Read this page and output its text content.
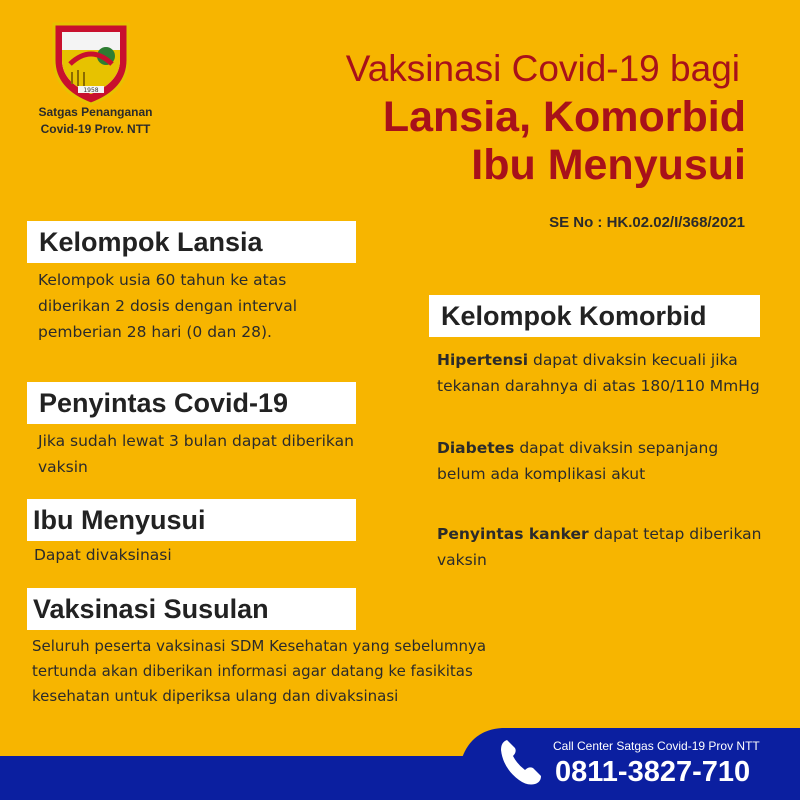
1958
Satgas Penanganan
Covid-19 Prov. NTT
Vaksinasi Covid-19 bagi
Lansia, Komorbid
Ibu Menyusui
SE No : HK.02.02/I/368/2021
Kelompok Lansia
Kelompok usia 60 tahun ke atas diberikan 2 dosis dengan interval pemberian 28 hari (0 dan 28).
Penyintas Covid-19
Jika sudah lewat 3 bulan dapat diberikan vaksin
Ibu Menyusui
Dapat divaksinasi
Vaksinasi Susulan
Seluruh peserta vaksinasi SDM Kesehatan yang sebelumnya tertunda akan diberikan informasi agar datang ke fasikitas kesehatan untuk diperiksa ulang dan divaksinasi
Kelompok Komorbid
Hipertensi dapat divaksin kecuali jika tekanan darahnya di atas 180/110 MmHg
Diabetes dapat divaksin sepanjang belum ada komplikasi akut
Penyintas kanker dapat tetap diberikan vaksin
Call Center Satgas Covid-19 Prov NTT
0811-3827-710
